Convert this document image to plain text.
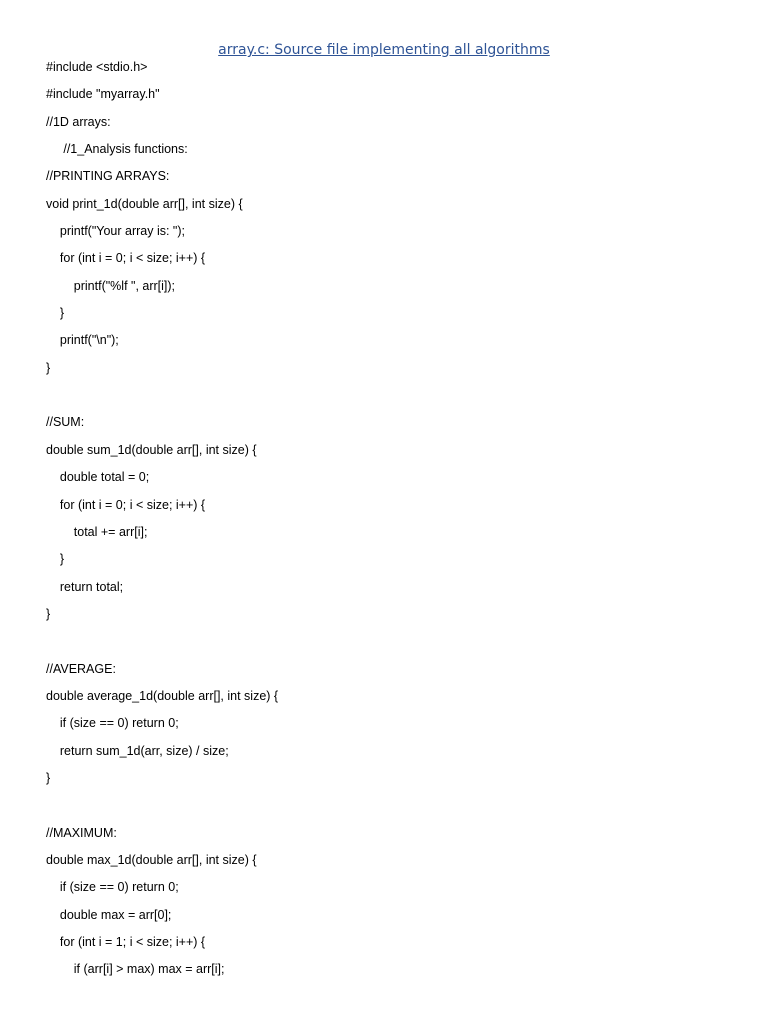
array.c: Source file implementing all algorithms
#include <stdio.h>
#include "myarray.h"
//1D arrays:
//1_Analysis functions:
//PRINTING ARRAYS:
void print_1d(double arr[], int size) {
printf("Your array is: ");
for (int i = 0; i < size; i++) {
printf("%lf ", arr[i]);
}
printf("\n");
}
//SUM:
double sum_1d(double arr[], int size) {
double total = 0;
for (int i = 0; i < size; i++) {
total += arr[i];
}
return total;
}
//AVERAGE:
double average_1d(double arr[], int size) {
if (size == 0) return 0;
return sum_1d(arr, size) / size;
}
//MAXIMUM:
double max_1d(double arr[], int size) {
if (size == 0) return 0;
double max = arr[0];
for (int i = 1; i < size; i++) {
if (arr[i] > max) max = arr[i];
